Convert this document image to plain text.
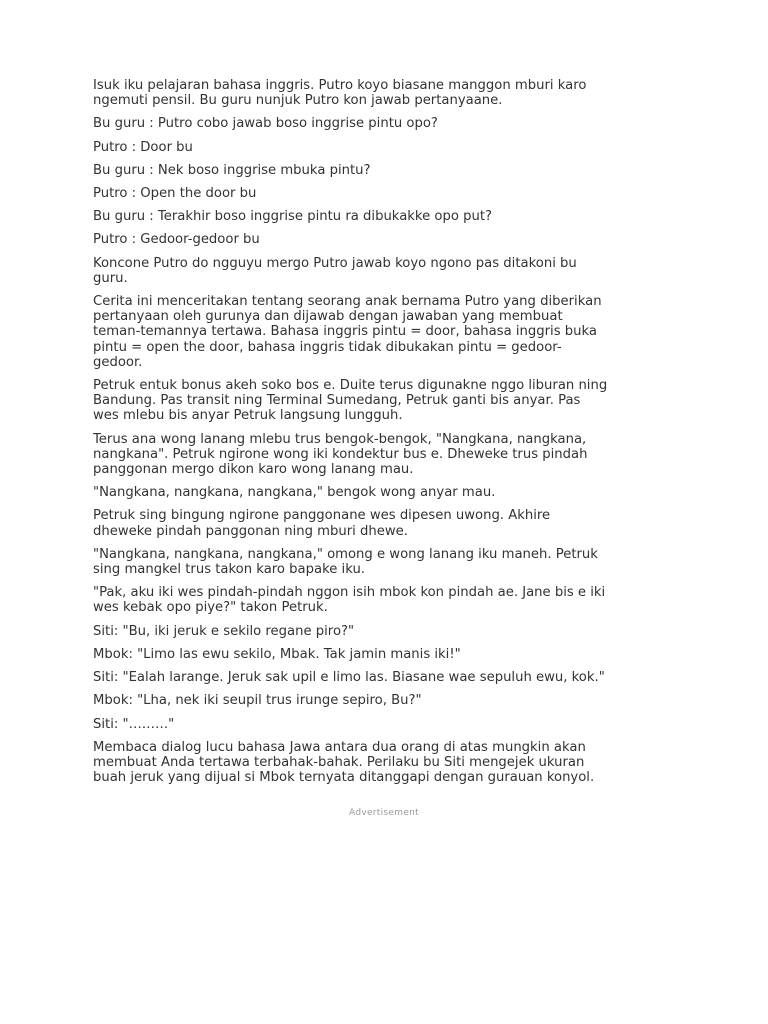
Isuk iku pelajaran bahasa inggris. Putro koyo biasane manggon mburi karo
ngemuti pensil. Bu guru nunjuk Putro kon jawab pertanyaane.

Bu guru : Putro cobo jawab boso inggrise pintu opo?

Putro : Door bu

Bu guru : Nek boso inggrise mbuka pintu?

Putro : Open the door bu

Bu guru : Terakhir boso inggrise pintu ra dibukakke opo put?

Putro : Gedoor-gedoor bu

Koncone Putro do ngguyu mergo Putro jawab koyo ngono pas ditakoni bu
guru.

Cerita ini menceritakan tentang seorang anak bernama Putro yang diberikan
pertanyaan oleh gurunya dan dijawab dengan jawaban yang membuat
teman-temannya tertawa. Bahasa inggris pintu = door, bahasa inggris buka
pintu = open the door, bahasa inggris tidak dibukakan pintu = gedoor-
gedoor.

Petruk entuk bonus akeh soko bos e. Duite terus digunakne nggo liburan ning
Bandung. Pas transit ning Terminal Sumedang, Petruk ganti bis anyar. Pas
wes mlebu bis anyar Petruk langsung lungguh.

Terus ana wong lanang mlebu trus bengok-bengok, "Nangkana, nangkana,
nangkana". Petruk ngirone wong iki kondektur bus e. Dheweke trus pindah
panggonan mergo dikon karo wong lanang mau.

"Nangkana, nangkana, nangkana," bengok wong anyar mau.

Petruk sing bingung ngirone panggonane wes dipesen uwong. Akhire
dheweke pindah panggonan ning mburi dhewe.

"Nangkana, nangkana, nangkana," omong e wong lanang iku maneh. Petruk
sing mangkel trus takon karo bapake iku.

"Pak, aku iki wes pindah-pindah nggon isih mbok kon pindah ae. Jane bis e iki
wes kebak opo piye?" takon Petruk.

Siti: "Bu, iki jeruk e sekilo regane piro?"

Mbok: "Limo las ewu sekilo, Mbak. Tak jamin manis iki!"

Siti: "Ealah larange. Jeruk sak upil e limo las. Biasane wae sepuluh ewu, kok."

Mbok: "Lha, nek iki seupil trus irunge sepiro, Bu?"

Siti: "………"

Membaca dialog lucu bahasa Jawa antara dua orang di atas mungkin akan
membuat Anda tertawa terbahak-bahak. Perilaku bu Siti mengejek ukuran
buah jeruk yang dijual si Mbok ternyata ditanggapi dengan gurauan konyol.

Advertisement
